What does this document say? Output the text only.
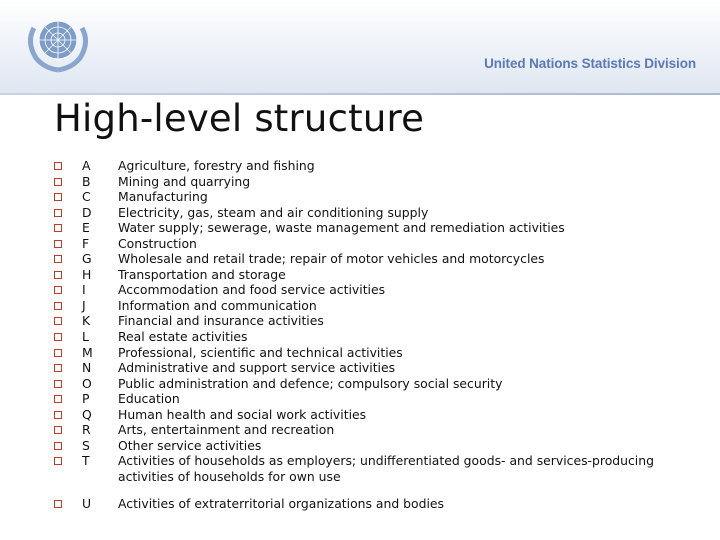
United Nations Statistics Division
High-level structure
A	Agriculture, forestry and fishing
B	Mining and quarrying
C	Manufacturing
D	Electricity, gas, steam and air conditioning supply
E	Water supply; sewerage, waste management and remediation activities
F	Construction
G	Wholesale and retail trade; repair of motor vehicles and motorcycles
H	Transportation and storage
I	Accommodation and food service activities
J	Information and communication
K	Financial and insurance activities
L	Real estate activities
M	Professional, scientific and technical activities
N	Administrative and support service activities
O	Public administration and defence; compulsory social security
P	Education
Q	Human health and social work activities
R	Arts, entertainment and recreation
S	Other service activities
T	Activities of households as employers; undifferentiated goods- and services-producing activities of households for own use
U	Activities of extraterritorial organizations and bodies
